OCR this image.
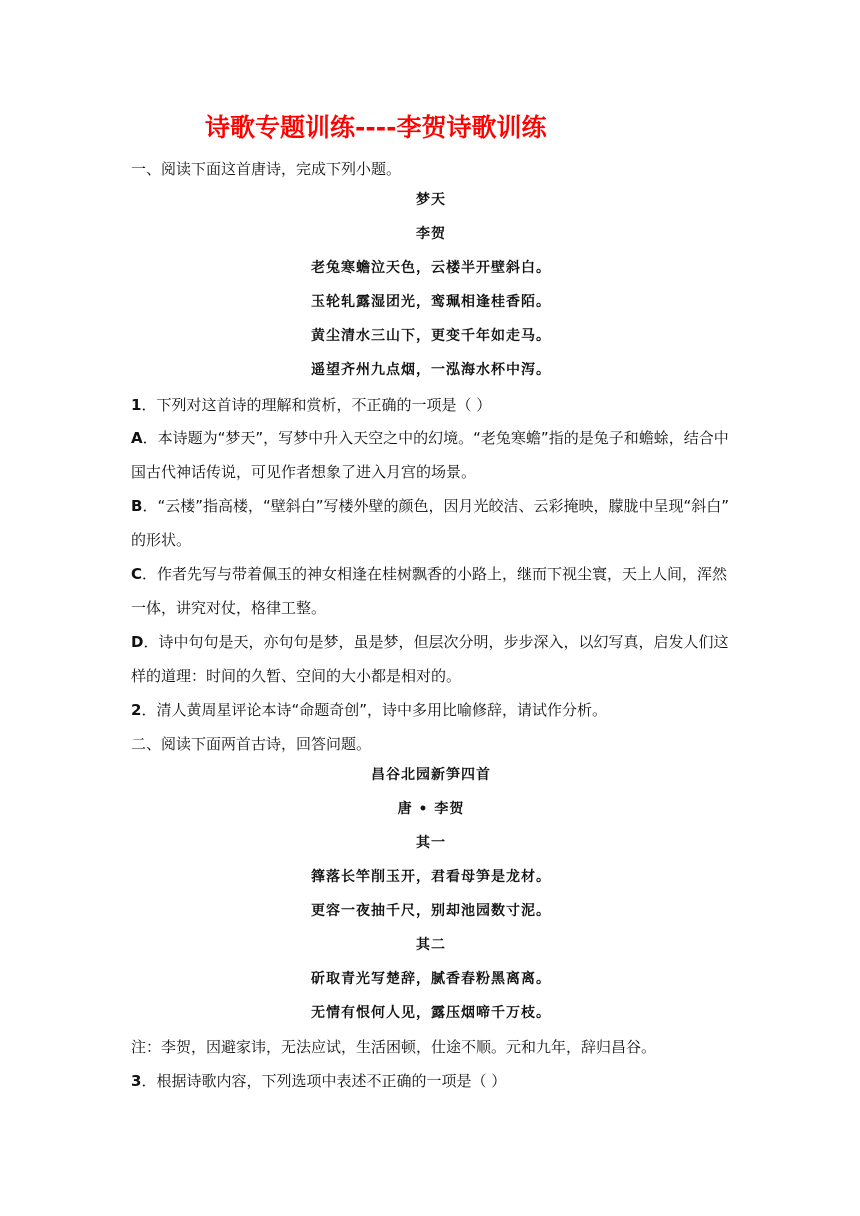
诗歌专题训练----李贺诗歌训练
一、阅读下面这首唐诗，完成下列小题。
梦天
李贺
老兔寒蟾泣天色，云楼半开壁斜白。
玉轮轧露湿团光，鸾珮相逢桂香陌。
黄尘清水三山下，更变千年如走马。
遥望齐州九点烟，一泓海水杯中泻。
1．下列对这首诗的理解和赏析，不正确的一项是（ ）
A．本诗题为“梦天”，写梦中升入天空之中的幻境。“老兔寒蟾”指的是兔子和蟾蜍，结合中
国古代神话传说，可见作者想象了进入月宫的场景。
B．“云楼”指高楼，“壁斜白”写楼外壁的颜色，因月光皎洁、云彩掩映，朦胧中呈现“斜白”
的形状。
C．作者先写与带着佩玉的神女相逢在桂树飘香的小路上，继而下视尘寰，天上人间，浑然
一体，讲究对仗，格律工整。
D．诗中句句是天，亦句句是梦，虽是梦，但层次分明，步步深入，以幻写真，启发人们这
样的道理：时间的久暂、空间的大小都是相对的。
2．清人黄周星评论本诗“命题奇创”，诗中多用比喻修辞，请试作分析。
二、阅读下面两首古诗，回答问题。
昌谷北园新笋四首
唐 • 李贺
其一
箨落长竿削玉开，君看母笋是龙材。
更容一夜抽千尺，别却池园数寸泥。
其二
斫取青光写楚辞，腻香春粉黑离离。
无情有恨何人见，露压烟啼千万枝。
注：李贺，因避家讳，无法应试，生活困顿，仕途不顺。元和九年，辞归昌谷。
3．根据诗歌内容，下列选项中表述不正确的一项是（ ）
